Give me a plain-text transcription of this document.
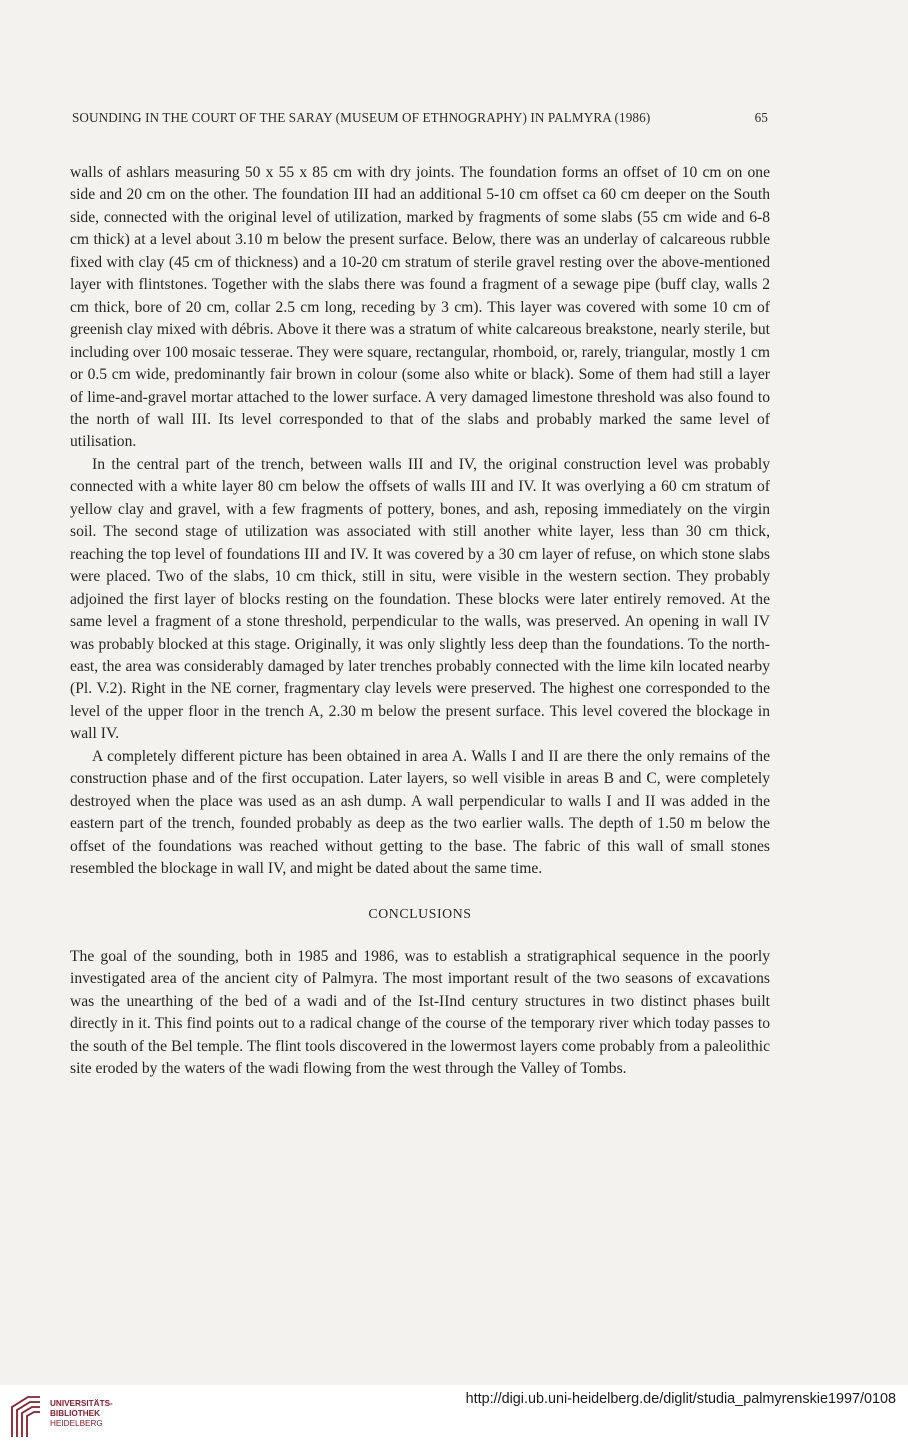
SOUNDING IN THE COURT OF THE SARAY (MUSEUM OF ETHNOGRAPHY) IN PALMYRA (1986)	65

walls of ashlars measuring 50 x 55 x 85 cm with dry joints. The foundation forms an offset of 10 cm on one side and 20 cm on the other. The foundation III had an additional 5-10 cm offset ca 60 cm deeper on the South side, connected with the original level of utilization, marked by fragments of some slabs (55 cm wide and 6-8 cm thick) at a level about 3.10 m below the present surface. Below, there was an underlay of calcareous rubble fixed with clay (45 cm of thickness) and a 10-20 cm stratum of sterile gravel resting over the above-mentioned layer with flintstones. Together with the slabs there was found a fragment of a sewage pipe (buff clay, walls 2 cm thick, bore of 20 cm, collar 2.5 cm long, receding by 3 cm). This layer was covered with some 10 cm of greenish clay mixed with débris. Above it there was a stratum of white calcareous breakstone, nearly sterile, but including over 100 mosaic tesserae. They were square, rectangular, rhomboid, or, rarely, triangular, mostly 1 cm or 0.5 cm wide, predominantly fair brown in colour (some also white or black). Some of them had still a layer of lime-and-gravel mortar attached to the lower surface. A very damaged limestone threshold was also found to the north of wall III. Its level corresponded to that of the slabs and probably marked the same level of utilisation.

In the central part of the trench, between walls III and IV, the original construction level was probably connected with a white layer 80 cm below the offsets of walls III and IV. It was overlying a 60 cm stratum of yellow clay and gravel, with a few fragments of pottery, bones, and ash, reposing immediately on the virgin soil. The second stage of utilization was associated with still another white layer, less than 30 cm thick, reaching the top level of foundations III and IV. It was covered by a 30 cm layer of refuse, on which stone slabs were placed. Two of the slabs, 10 cm thick, still in situ, were visible in the western section. They probably adjoined the first layer of blocks resting on the foundation. These blocks were later entirely removed. At the same level a fragment of a stone threshold, perpendicular to the walls, was preserved. An opening in wall IV was probably blocked at this stage. Originally, it was only slightly less deep than the foundations. To the north-east, the area was considerably damaged by later trenches probably connected with the lime kiln located nearby (Pl. V.2). Right in the NE corner, fragmentary clay levels were preserved. The highest one corresponded to the level of the upper floor in the trench A, 2.30 m below the present surface. This level covered the blockage in wall IV.

A completely different picture has been obtained in area A. Walls I and II are there the only remains of the construction phase and of the first occupation. Later layers, so well visible in areas B and C, were completely destroyed when the place was used as an ash dump. A wall perpendicular to walls I and II was added in the eastern part of the trench, founded probably as deep as the two earlier walls. The depth of 1.50 m below the offset of the foundations was reached without getting to the base. The fabric of this wall of small stones resembled the blockage in wall IV, and might be dated about the same time.

CONCLUSIONS

The goal of the sounding, both in 1985 and 1986, was to establish a stratigraphical sequence in the poorly investigated area of the ancient city of Palmyra. The most important result of the two seasons of excavations was the unearthing of the bed of a wadi and of the Ist-IInd century structures in two distinct phases built directly in it. This find points out to a radical change of the course of the temporary river which today passes to the south of the Bel temple. The flint tools discovered in the lowermost layers come probably from a paleolithic site eroded by the waters of the wadi flowing from the west through the Valley of Tombs.

UNIVERSITÄTS-
BIBLIOTHEK
HEIDELBERG
http://digi.ub.uni-heidelberg.de/diglit/studia_palmyrenskie1997/0108
